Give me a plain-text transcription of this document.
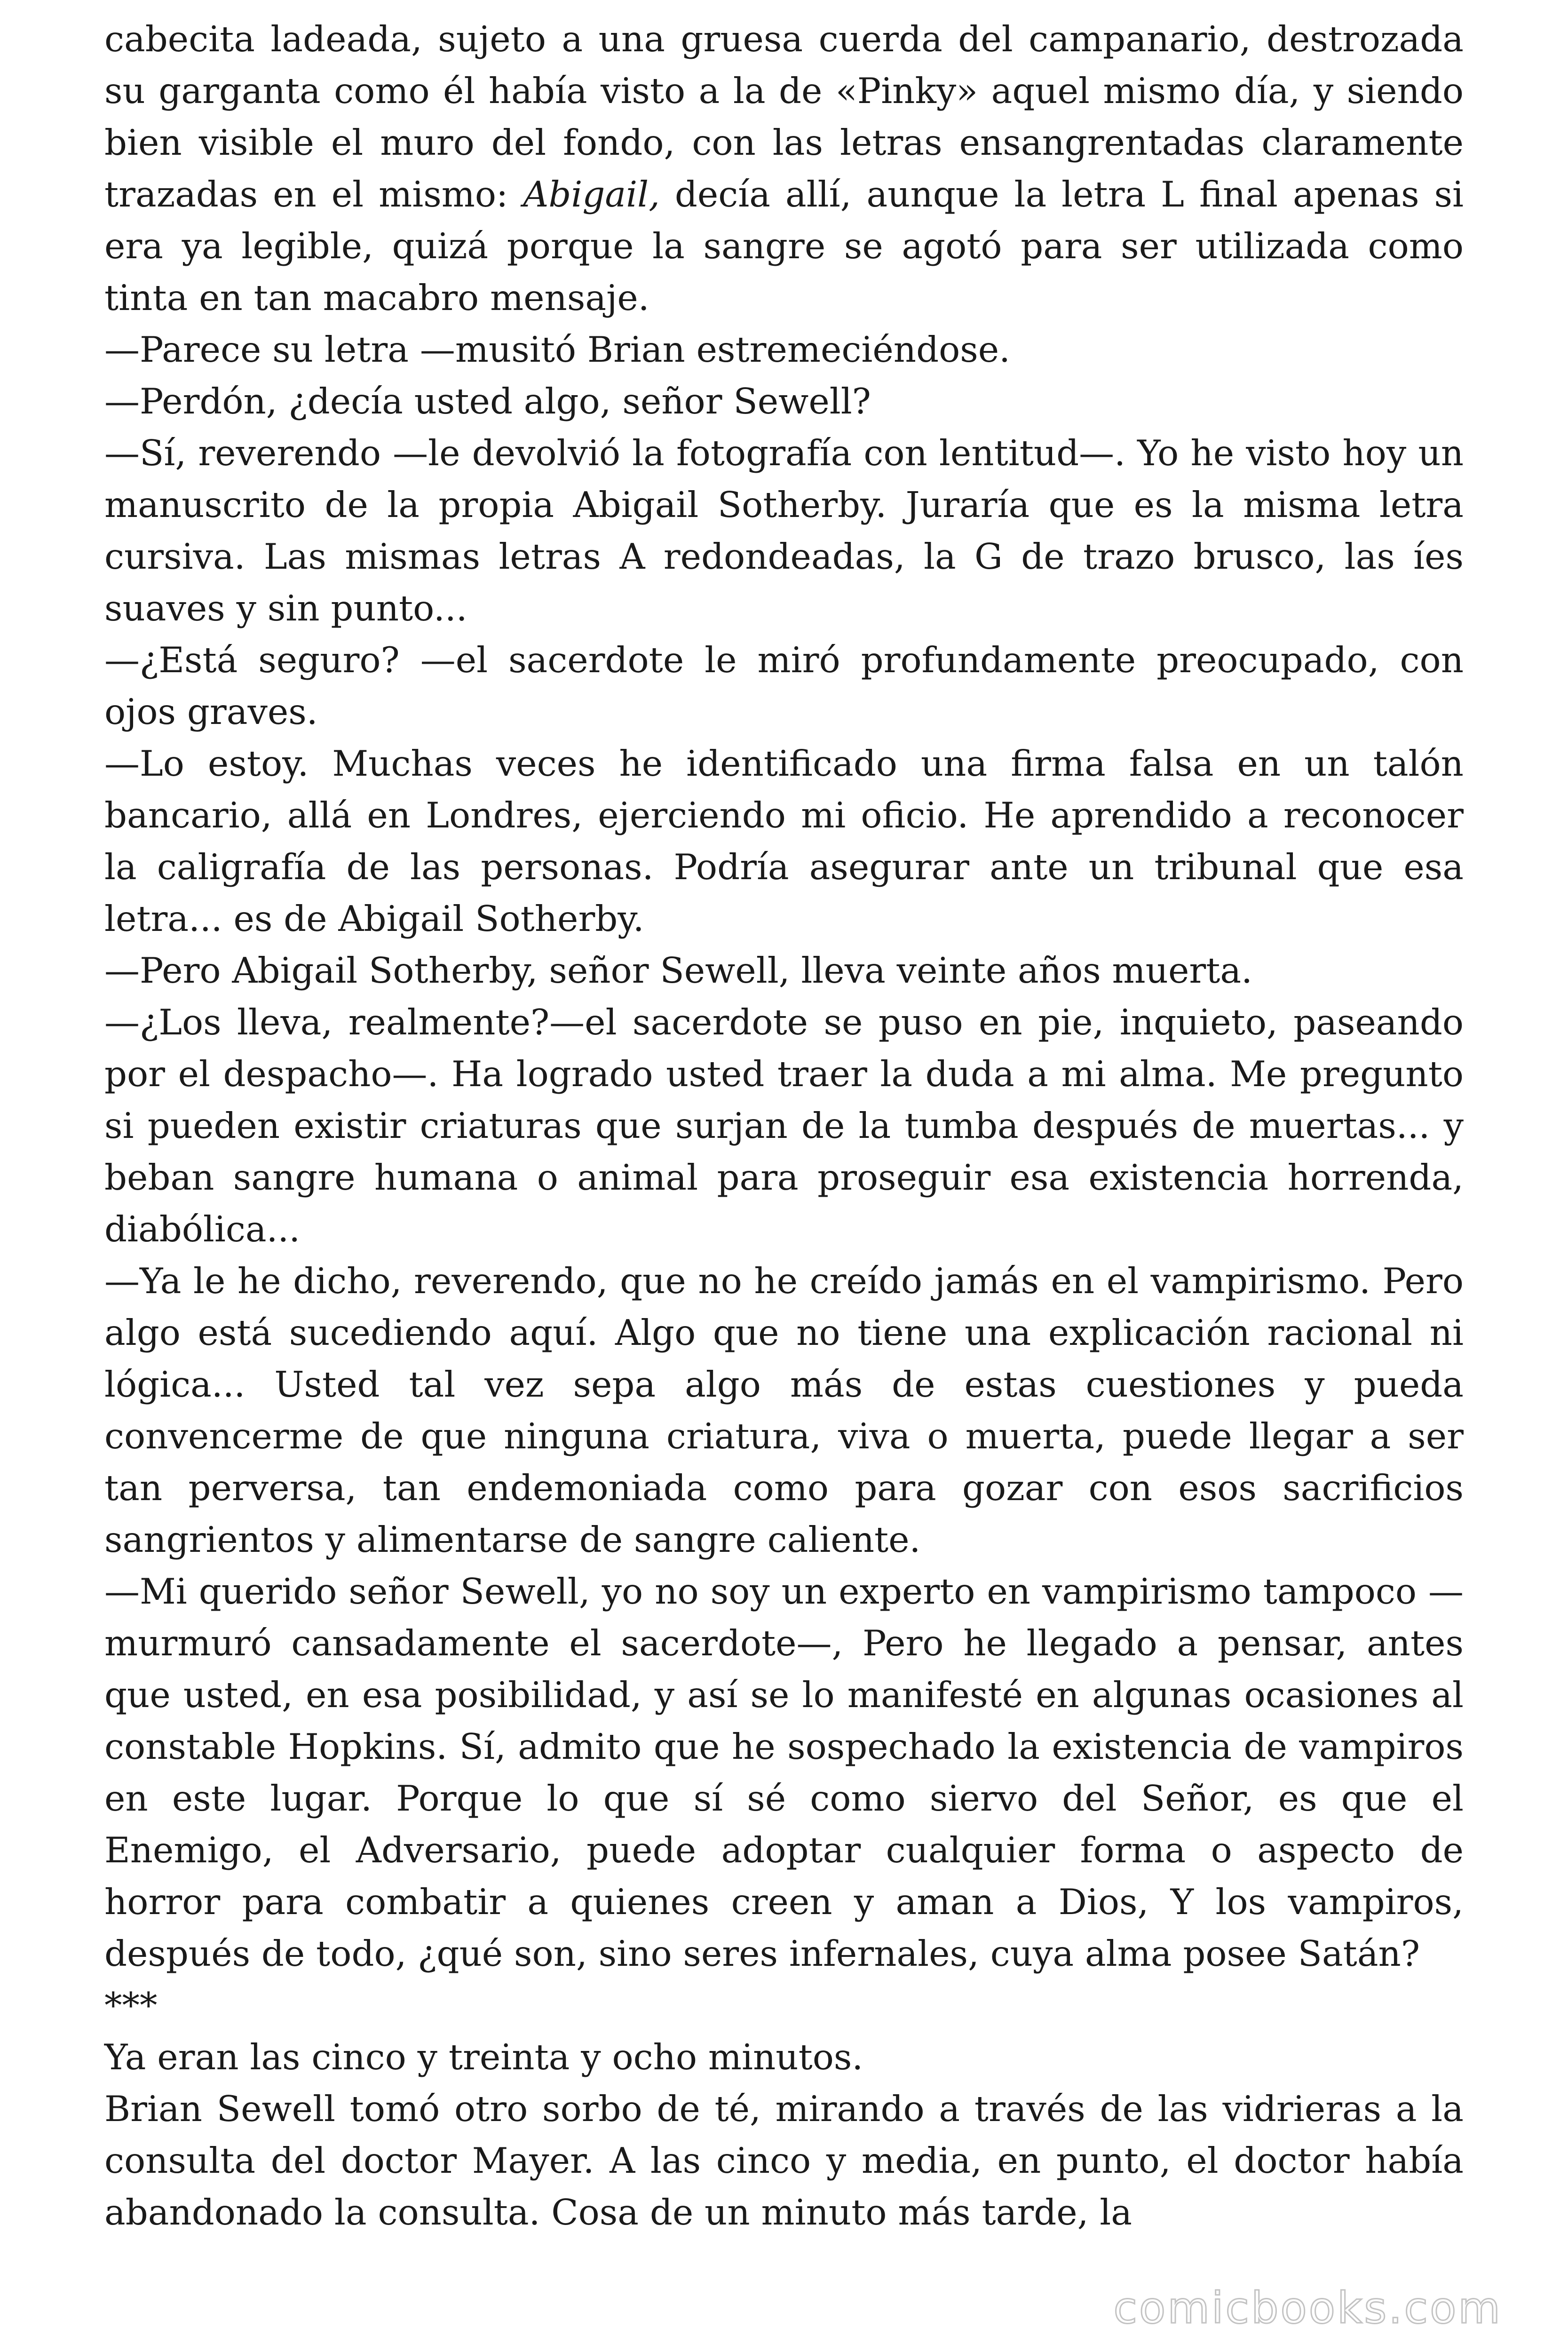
cabecita ladeada, sujeto a una gruesa cuerda del campanario, destrozada su garganta como él había visto a la de «Pinky» aquel mismo día, y siendo bien visible el muro del fondo, con las letras ensangrentadas claramente trazadas en el mismo: Abigail, decía allí, aunque la letra L final apenas si era ya legible, quizá porque la sangre se agotó para ser utilizada como tinta en tan macabro mensaje.

—Parece su letra —musitó Brian estremeciéndose.

—Perdón, ¿decía usted algo, señor Sewell?

—Sí, reverendo —le devolvió la fotografía con lentitud—. Yo he visto hoy un manuscrito de la propia Abigail Sotherby. Juraría que es la misma letra cursiva. Las mismas letras A redondeadas, la G de trazo brusco, las íes suaves y sin punto...

—¿Está seguro? —el sacerdote le miró profundamente preocupado, con ojos graves.

—Lo estoy. Muchas veces he identificado una firma falsa en un talón bancario, allá en Londres, ejerciendo mi oficio. He aprendido a reconocer la caligrafía de las personas. Podría asegurar ante un tribunal que esa letra... es de Abigail Sotherby.

—Pero Abigail Sotherby, señor Sewell, lleva veinte años muerta.

—¿Los lleva, realmente?—el sacerdote se puso en pie, inquieto, paseando por el despacho—. Ha logrado usted traer la duda a mi alma. Me pregunto si pueden existir criaturas que surjan de la tumba después de muertas... y beban sangre humana o animal para proseguir esa existencia horrenda, diabólica...

—Ya le he dicho, reverendo, que no he creído jamás en el vampirismo. Pero algo está sucediendo aquí. Algo que no tiene una explicación racional ni lógica... Usted tal vez sepa algo más de estas cuestiones y pueda convencerme de que ninguna criatura, viva o muerta, puede llegar a ser tan perversa, tan endemoniada como para gozar con esos sacrificios sangrientos y alimentarse de sangre caliente.

—Mi querido señor Sewell, yo no soy un experto en vampirismo tampoco —murmuró cansadamente el sacerdote—, Pero he llegado a pensar, antes que usted, en esa posibilidad, y así se lo manifesté en algunas ocasiones al constable Hopkins. Sí, admito que he sospechado la existencia de vampiros en este lugar. Porque lo que sí sé como siervo del Señor, es que el Enemigo, el Adversario, puede adoptar cualquier forma o aspecto de horror para combatir a quienes creen y aman a Dios, Y los vampiros, después de todo, ¿qué son, sino seres infernales, cuya alma posee Satán?

***

Ya eran las cinco y treinta y ocho minutos.

Brian Sewell tomó otro sorbo de té, mirando a través de las vidrieras a la consulta del doctor Mayer. A las cinco y media, en punto, el doctor había abandonado la consulta. Cosa de un minuto más tarde, la

comicbooks.com
